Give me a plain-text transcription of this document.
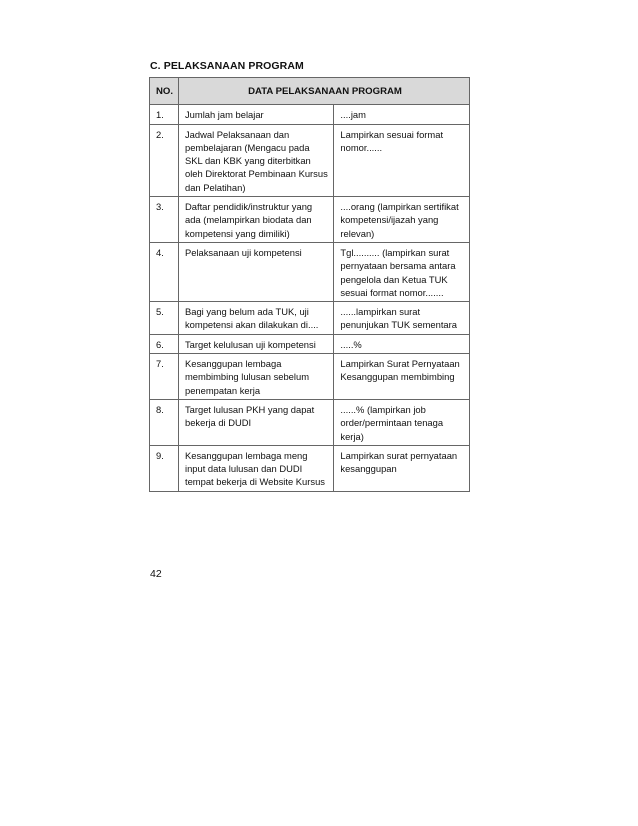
C. PELAKSANAAN PROGRAM
NO.	DATA PELAKSANAAN PROGRAM	
1.	Jumlah jam belajar	....jam
2.	Jadwal Pelaksanaan dan pembelajaran (Mengacu pada SKL dan KBK yang diterbitkan oleh Direktorat Pembinaan Kursus dan Pelatihan)	Lampirkan sesuai format nomor......
3.	Daftar pendidik/instruktur yang ada (melampirkan biodata dan kompetensi yang dimiliki)	....orang (lampirkan sertifikat kompetensi/ijazah yang relevan)
4.	Pelaksanaan uji kompetensi	Tgl.......... (lampirkan surat pernyataan bersama antara pengelola dan Ketua TUK sesuai format nomor.......
5.	Bagi yang belum ada TUK, uji kompetensi akan dilakukan di....	......lampirkan surat penunjukan TUK sementara
6.	Target kelulusan uji kompetensi	.....%
7.	Kesanggupan lembaga membimbing lulusan sebelum penempatan kerja	Lampirkan Surat Pernyataan Kesanggupan membimbing
8.	Target lulusan PKH yang dapat bekerja di DUDI	......% (lampirkan job order/permintaan tenaga kerja)
9.	Kesanggupan lembaga meng input data lulusan dan DUDI tempat bekerja di Website Kursus	Lampirkan surat pernyataan kesanggupan
42
